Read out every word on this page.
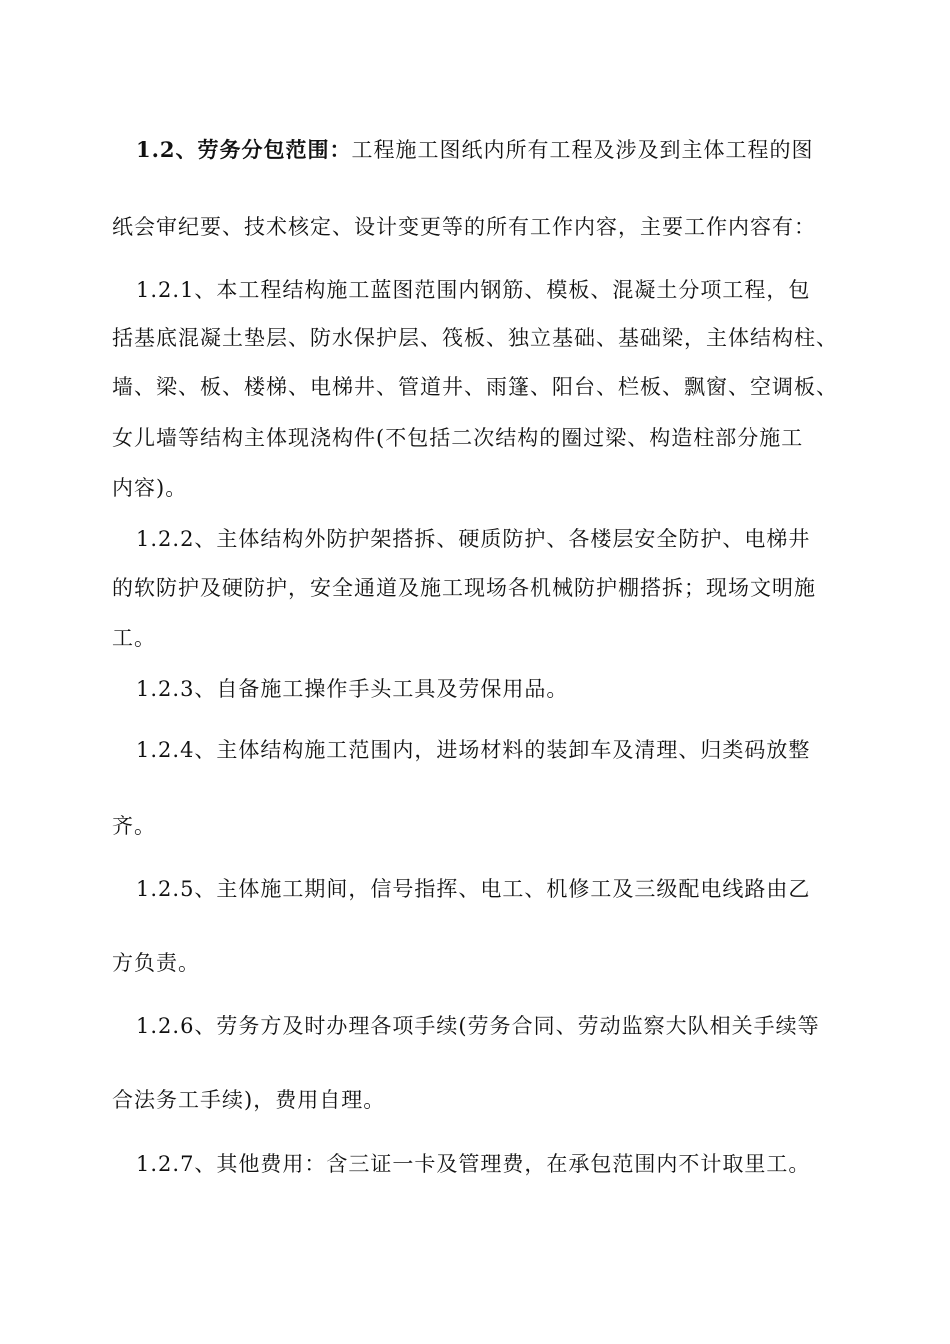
1.2、劳务分包范围：工程施工图纸内所有工程及涉及到主体工程的图
纸会审纪要、技术核定、设计变更等的所有工作内容，主要工作内容有：
1.2.1、本工程结构施工蓝图范围内钢筋、模板、混凝土分项工程，包
括基底混凝土垫层、防水保护层、筏板、独立基础、基础梁，主体结构柱、
墙、梁、板、楼梯、电梯井、管道井、雨篷、阳台、栏板、飘窗、空调板、
女儿墙等结构主体现浇构件(不包括二次结构的圈过梁、构造柱部分施工
内容)。
1.2.2、主体结构外防护架搭拆、硬质防护、各楼层安全防护、电梯井
的软防护及硬防护，安全通道及施工现场各机械防护棚搭拆；现场文明施
工。
1.2.3、自备施工操作手头工具及劳保用品。
1.2.4、主体结构施工范围内，进场材料的装卸车及清理、归类码放整
齐。
1.2.5、主体施工期间，信号指挥、电工、机修工及三级配电线路由乙
方负责。
1.2.6、劳务方及时办理各项手续(劳务合同、劳动监察大队相关手续等
合法务工手续)，费用自理。
1.2.7、其他费用：含三证一卡及管理费，在承包范围内不计取里工。
